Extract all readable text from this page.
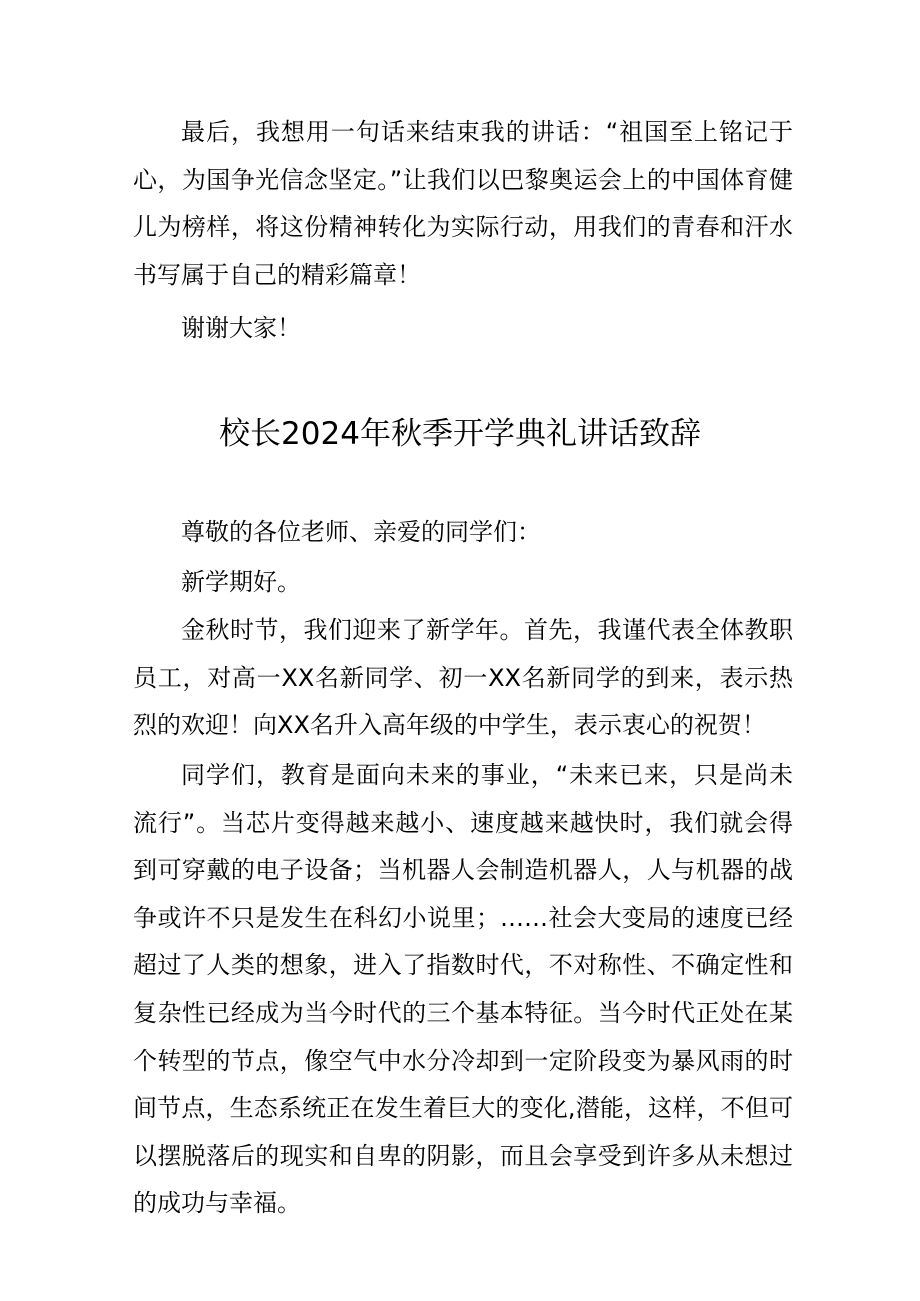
最后，我想用一句话来结束我的讲话：“祖国至上铭记于心，为国争光信念坚定。”让我们以巴黎奥运会上的中国体育健儿为榜样，将这份精神转化为实际行动，用我们的青春和汗水书写属于自己的精彩篇章！

谢谢大家！

校长2024年秋季开学典礼讲话致辞

尊敬的各位老师、亲爱的同学们：

新学期好。

金秋时节，我们迎来了新学年。首先，我谨代表全体教职员工，对高一XX名新同学、初一XX名新同学的到来，表示热烈的欢迎！向XX名升入高年级的中学生，表示衷心的祝贺！

同学们，教育是面向未来的事业，“未来已来，只是尚未流行”。当芯片变得越来越小、速度越来越快时，我们就会得到可穿戴的电子设备；当机器人会制造机器人，人与机器的战争或许不只是发生在科幻小说里；……社会大变局的速度已经超过了人类的想象，进入了指数时代，不对称性、不确定性和复杂性已经成为当今时代的三个基本特征。当今时代正处在某个转型的节点，像空气中水分冷却到一定阶段变为暴风雨的时间节点，生态系统正在发生着巨大的变化,潜能，这样，不但可以摆脱落后的现实和自卑的阴影，而且会享受到许多从未想过的成功与幸福。
